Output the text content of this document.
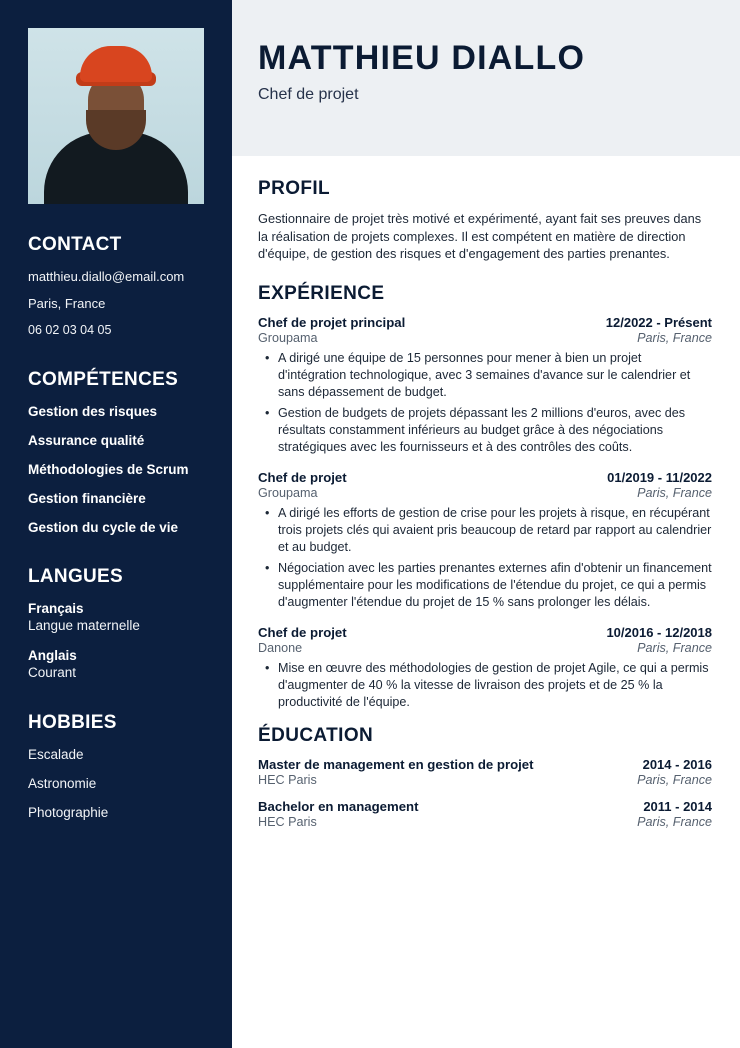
CONTACT
matthieu.diallo@email.com
Paris, France
06 02 03 04 05
COMPÉTENCES
Gestion des risques
Assurance qualité
Méthodologies de Scrum
Gestion financière
Gestion du cycle de vie
LANGUES
Français
Langue maternelle
Anglais
Courant
HOBBIES
Escalade
Astronomie
Photographie
MATTHIEU DIALLO
Chef de projet
PROFIL

Gestionnaire de projet très motivé et expérimenté, ayant fait ses preuves dans la réalisation de projets complexes. Il est compétent en matière de direction d'équipe, de gestion des risques et d'engagement des parties prenantes.

EXPÉRIENCE
Chef de projet principal	12/2022 - Présent
Groupama	Paris, France
• A dirigé une équipe de 15 personnes pour mener à bien un projet d'intégration technologique, avec 3 semaines d'avance sur le calendrier et sans dépassement de budget.
• Gestion de budgets de projets dépassant les 2 millions d'euros, avec des résultats constamment inférieurs au budget grâce à des négociations stratégiques avec les fournisseurs et à des contrôles des coûts.
Chef de projet	01/2019 - 11/2022
Groupama	Paris, France
• A dirigé les efforts de gestion de crise pour les projets à risque, en récupérant trois projets clés qui avaient pris beaucoup de retard par rapport au calendrier et au budget.
• Négociation avec les parties prenantes externes afin d'obtenir un financement supplémentaire pour les modifications de l'étendue du projet, ce qui a permis d'augmenter l'étendue du projet de 15 % sans prolonger les délais.
Chef de projet	10/2016 - 12/2018
Danone	Paris, France
• Mise en œuvre des méthodologies de gestion de projet Agile, ce qui a permis d'augmenter de 40 % la vitesse de livraison des projets et de 25 % la productivité de l'équipe.
ÉDUCATION
Master de management en gestion de projet	2014 - 2016
HEC Paris	Paris, France
Bachelor en management	2011 - 2014
HEC Paris	Paris, France
